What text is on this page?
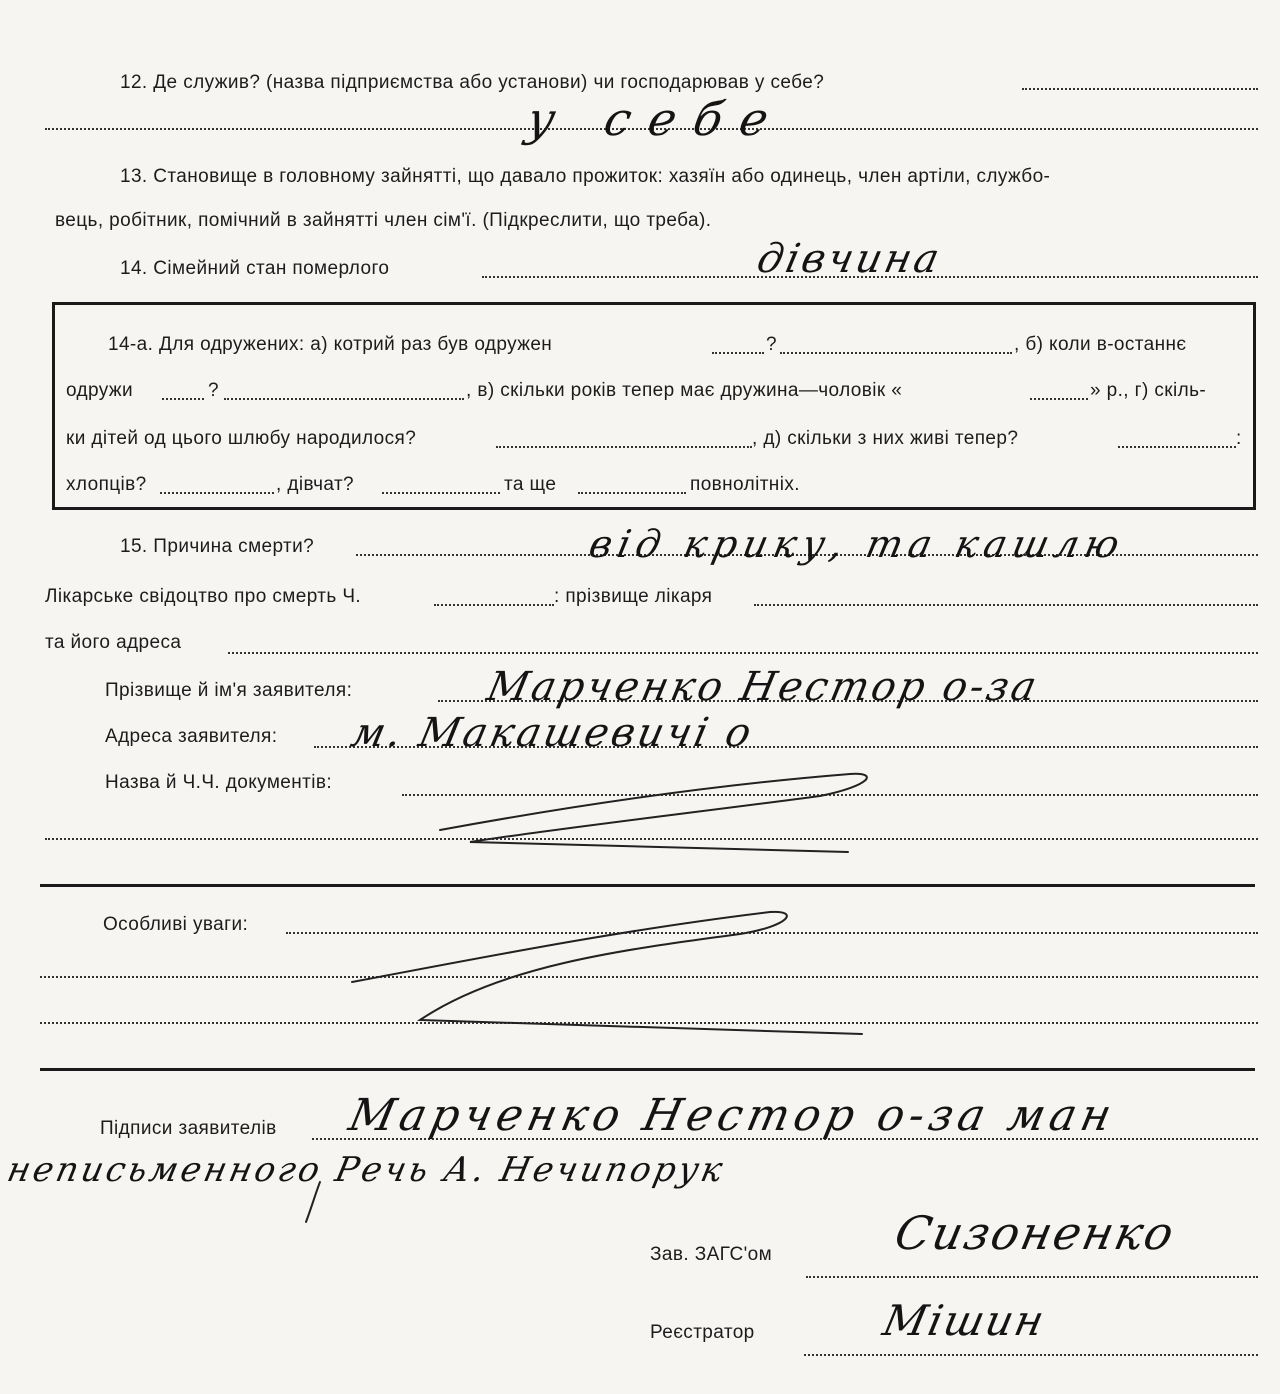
12. Де служив? (назва підприємства або установи) чи господарював у себе?
у себе
13. Становище в головному зайнятті, що давало прожиток: хазяїн або одинець, член артіли, службо-
вець, робітник, помічний в зайнятті член сім'ї. (Підкреслити, що треба).
14. Сімейний стан померлого	дівчина
14-а. Для одружених: а) котрий раз був одружен	?	, б) коли в-останнє
одружи	?	, в) скільки років тепер має дружина—чоловік «	» р., г) скіль-
ки дітей од цього шлюбу народилося?	, д) скільки з них живі тепер?	:
хлопців?	, дівчат?	та ще	повнолітніх.
15. Причина смерти?	від крику, та кашлю
Лікарське свідоцтво про смерть Ч.	: прізвище лікаря
та його адреса
Прізвище й ім'я заявителя:	Марченко Нестор о-за
Адреса заявителя: м. Макашевичі о
Назва й Ч.Ч. документів:
Особливі уваги:
Підписи заявителів Марченко Нестор о-за ман
неписьменного Речь А. Нечипорук
Зав. ЗАГС'ом	Сизоненко
Реєстратор	Мішин
